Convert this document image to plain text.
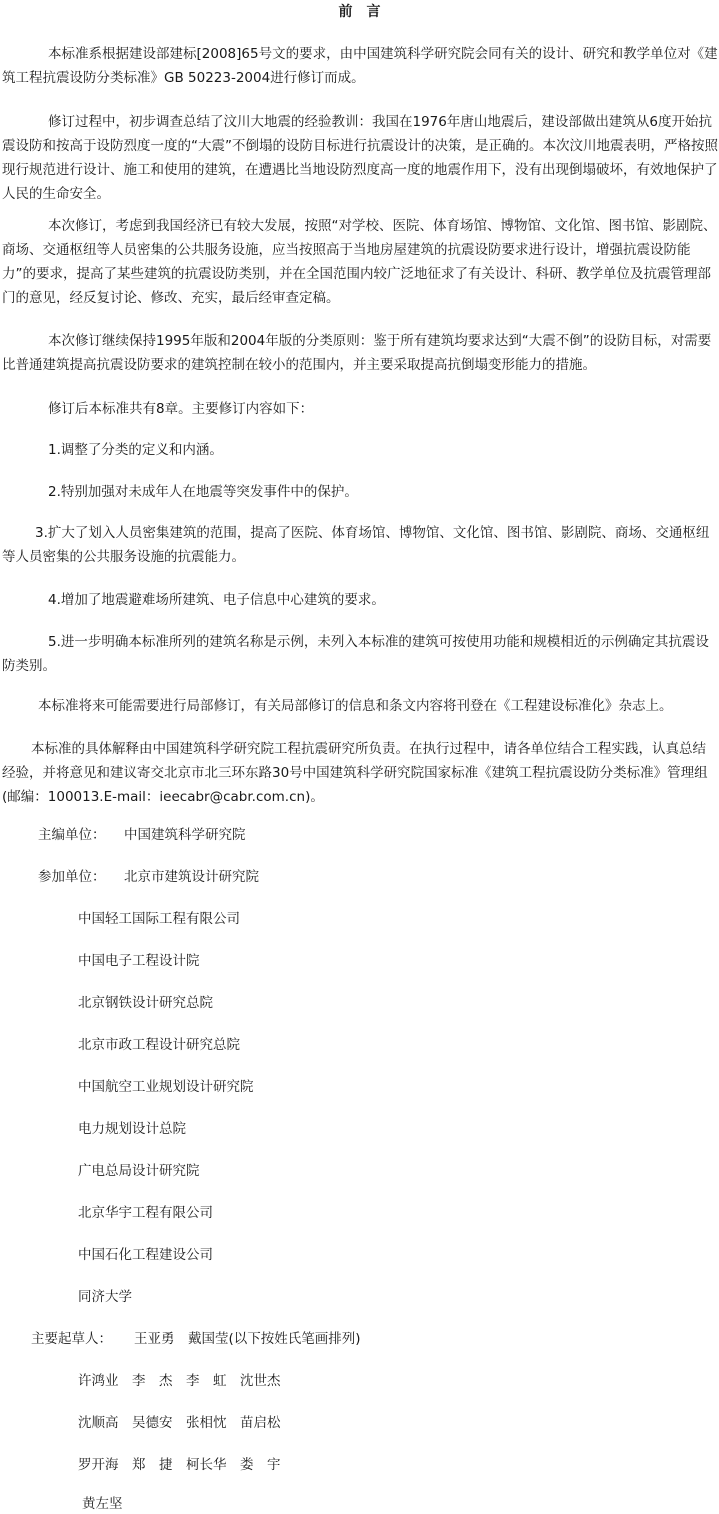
前　言

本标准系根据建设部建标[2008]65号文的要求，由中国建筑科学研究院会同有关的设计、研究和教学单位对《建筑工程抗震设防分类标准》GB 50223-2004进行修订而成。

修订过程中，初步调查总结了汶川大地震的经验教训：我国在1976年唐山地震后，建设部做出建筑从6度开始抗震设防和按高于设防烈度一度的“大震”不倒塌的设防目标进行抗震设计的决策，是正确的。本次汶川地震表明，严格按照现行规范进行设计、施工和使用的建筑，在遭遇比当地设防烈度高一度的地震作用下，没有出现倒塌破坏，有效地保护了人民的生命安全。

本次修订，考虑到我国经济已有较大发展，按照“对学校、医院、体育场馆、博物馆、文化馆、图书馆、影剧院、商场、交通枢纽等人员密集的公共服务设施，应当按照高于当地房屋建筑的抗震设防要求进行设计，增强抗震设防能力”的要求，提高了某些建筑的抗震设防类别，并在全国范围内较广泛地征求了有关设计、科研、教学单位及抗震管理部门的意见，经反复讨论、修改、充实，最后经审查定稿。

本次修订继续保持1995年版和2004年版的分类原则：鉴于所有建筑均要求达到“大震不倒”的设防目标，对需要比普通建筑提高抗震设防要求的建筑控制在较小的范围内，并主要采取提高抗倒塌变形能力的措施。

修订后本标准共有8章。主要修订内容如下：

1.调整了分类的定义和内涵。

2.特别加强对未成年人在地震等突发事件中的保护。

3.扩大了划入人员密集建筑的范围，提高了医院、体育场馆、博物馆、文化馆、图书馆、影剧院、商场、交通枢纽等人员密集的公共服务设施的抗震能力。

4.增加了地震避难场所建筑、电子信息中心建筑的要求。

5.进一步明确本标准所列的建筑名称是示例，未列入本标准的建筑可按使用功能和规模相近的示例确定其抗震设防类别。

本标准将来可能需要进行局部修订，有关局部修订的信息和条文内容将刊登在《工程建设标准化》杂志上。

本标准的具体解释由中国建筑科学研究院工程抗震研究所负责。在执行过程中，请各单位结合工程实践，认真总结经验，并将意见和建议寄交北京市北三环东路30号中国建筑科学研究院国家标准《建筑工程抗震设防分类标准》管理组(邮编：100013.E-mail：ieecabr@cabr.com.cn)。

主编单位： 中国建筑科学研究院
参加单位： 北京市建筑设计研究院
中国轻工国际工程有限公司
中国电子工程设计院
北京钢铁设计研究总院
北京市政工程设计研究总院
中国航空工业规划设计研究院
电力规划设计总院
广电总局设计研究院
北京华宇工程有限公司
中国石化工程建设公司
同济大学
主要起草人： 王亚勇　戴国莹(以下按姓氏笔画排列)
许鸿业　李　杰　李　虹　沈世杰
沈顺高　吴德安　张相忱　苗启松
罗开海　郑　捷　柯长华　娄　宇
黄左坚
